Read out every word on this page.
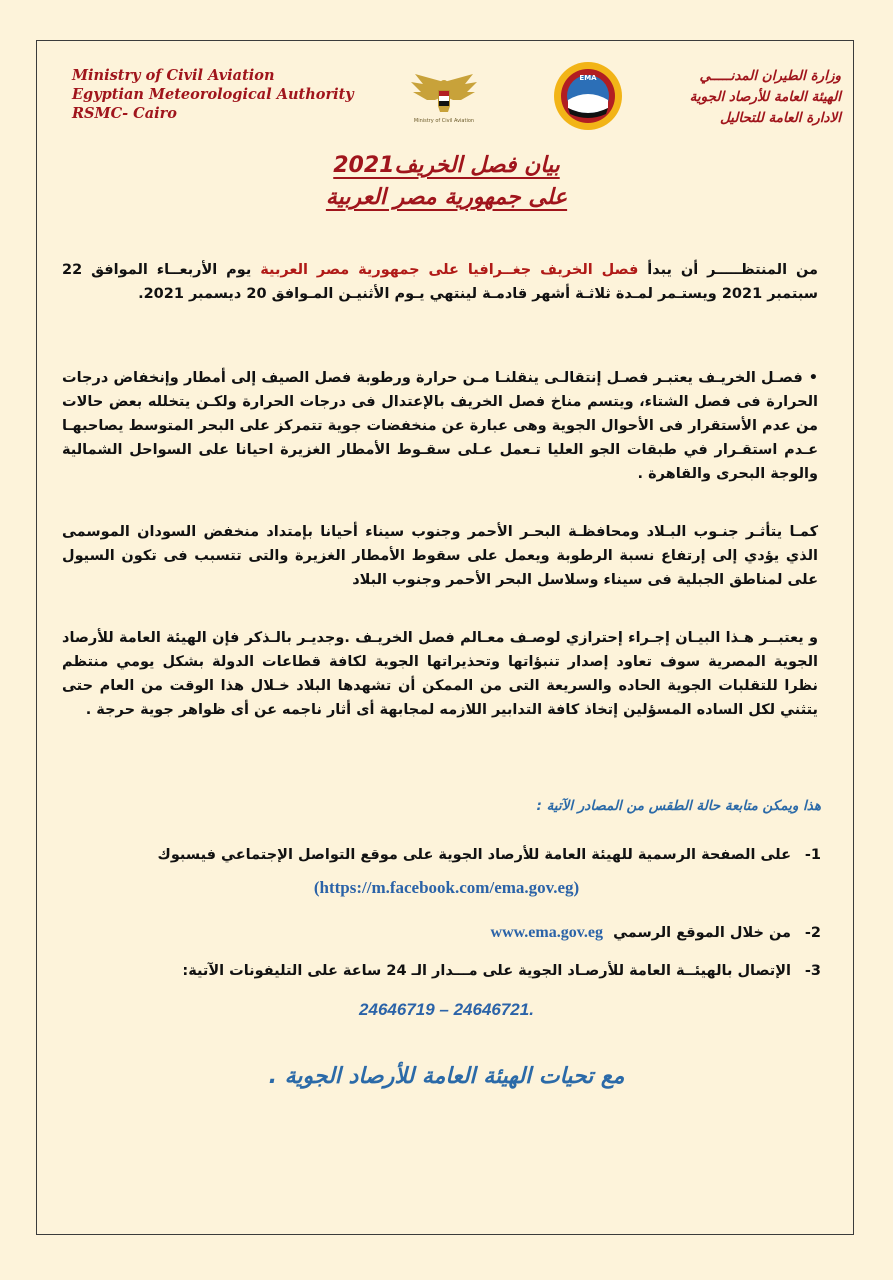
Ministry of Civil Aviation
Egyptian Meteorological Authority
RSMC- Cairo	Ministry of Civil Aviation
EMA	وزارة الطيران المدنـــــي
الهيئة العامة للأرصاد الجوية
الادارة العامة للتحاليل
بيان فصل الخريف2021
على جمهورية مصر العربية
من المنتظـــــر أن يبدأ فصل الخريف جغــرافيا على جمهورية مصر العربية يوم الأربعــاء الموافق 22 سبتمبر 2021 ويستـمر لمـدة ثلاثـة أشهر قادمـة لينتهي يـوم الأثنيـن المـوافق 20 ديسمبر 2021.
•فصـل الخريـف يعتبـر فصـل إنتقالـى ينقلنـا مـن حرارة ورطوبة فصل الصيف إلى أمطار وإنخفاض درجات الحرارة فى فصل الشتاء، ويتسم مناخ فصل الخريف بالإعتدال فى درجات الحرارة ولكـن يتخلله بعض حالات من عدم الأستقرار فى الأحوال الجوية وهى عبارة عن منخفضات جوية تتمركز على البحر المتوسط يصاحبهـا عـدم استقـرار في طبقات الجو العليا تـعمل عـلى سقـوط الأمطار الغزيرة احيانا على السواحل الشمالية والوجة البحرى والقاهرة .
كمـا يتأثـر جنـوب البـلاد ومحافظـة البحـر الأحمر وجنوب سيناء أحيانا بإمتداد منخفض السودان الموسمى الذي يؤدي إلى إرتفاع نسبة الرطوبة ويعمل على سقوط الأمطار الغزيرة والتى تتسبب فى تكون السيول على لمناطق الجبلية فى سيناء وسلاسل البحر الأحمر وجنوب البلاد
و يعتبــر هـذا البيـان إجـراء إحترازي لوصـف معـالم فصل الخريـف .وجديـر بالـذكر فإن الهيئة العامة للأرصاد الجوية المصرية سوف تعاود إصدار تنبؤاتها وتحذيراتها الجوية لكافة قطاعات الدولة بشكل يومي منتظم نظرا للتقلبات الجوية الحاده والسريعة التى من الممكن أن تشهدها البلاد خـلال هذا الوقت من العام حتى يتثني لكل الساده المسؤلين إتخاذ كافة التدابير اللازمه لمجابهة أى أثار ناجمه عن أى ظواهر جوية حرجة .
هذا ويمكن متابعة حالة الطقس من المصادر الآتية :
1-على الصفحة الرسمية للهيئة العامة للأرصاد الجوية على موقع التواصل الإجتماعي فيسبوك
(https://m.facebook.com/ema.gov.eg)
2-من خلال الموقع الرسمي  www.ema.gov.eg
3-الإتصال بالهيئــة العامة للأرصـاد الجوية على مـــدار الـ 24 ساعة على التليفونات الآتية:
24646719 – 24646721.
مع تحيات الهيئة العامة للأرصاد الجوية .
